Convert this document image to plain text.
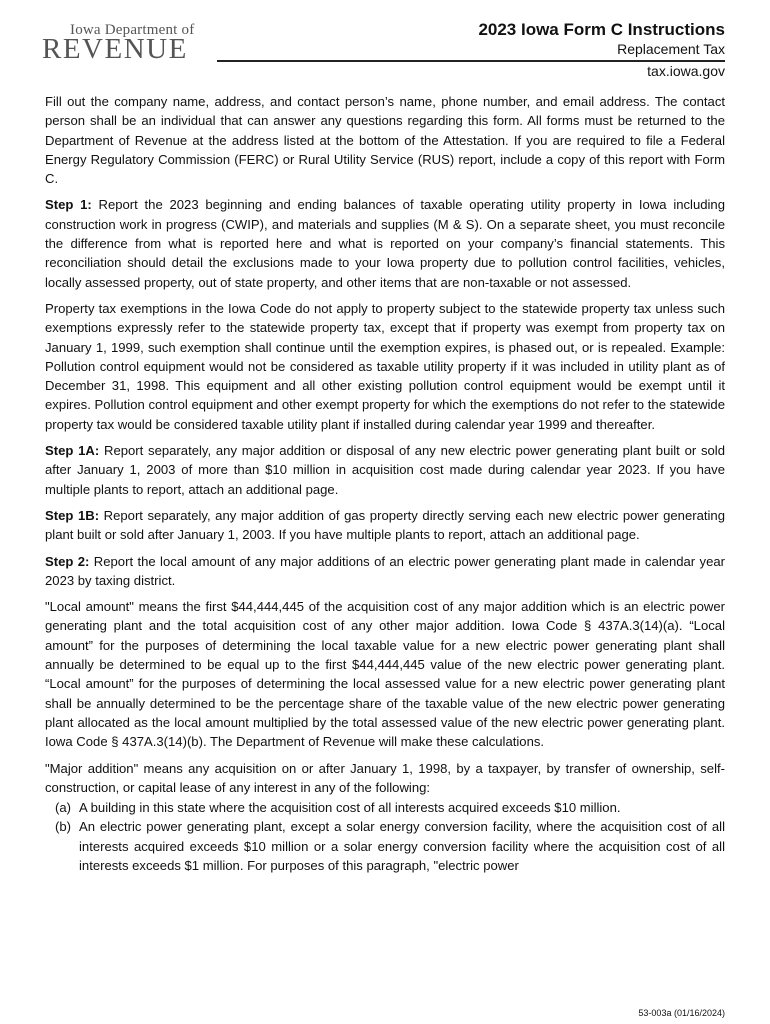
Iowa Department of
REVENUE
2023 Iowa Form C Instructions
Replacement Tax
tax.iowa.gov

Fill out the company name, address, and contact person’s name, phone number, and email address. The contact person shall be an individual that can answer any questions regarding this form. All forms must be returned to the Department of Revenue at the address listed at the bottom of the Attestation. If you are required to file a Federal Energy Regulatory Commission (FERC) or Rural Utility Service (RUS) report, include a copy of this report with Form C.

Step 1: Report the 2023 beginning and ending balances of taxable operating utility property in Iowa including construction work in progress (CWIP), and materials and supplies (M & S). On a separate sheet, you must reconcile the difference from what is reported here and what is reported on your company’s financial statements. This reconciliation should detail the exclusions made to your Iowa property due to pollution control facilities, vehicles, locally assessed property, out of state property, and other items that are non-taxable or not assessed.

Property tax exemptions in the Iowa Code do not apply to property subject to the statewide property tax unless such exemptions expressly refer to the statewide property tax, except that if property was exempt from property tax on January 1, 1999, such exemption shall continue until the exemption expires, is phased out, or is repealed. Example: Pollution control equipment would not be considered as taxable utility property if it was included in utility plant as of December 31, 1998. This equipment and all other existing pollution control equipment would be exempt until it expires. Pollution control equipment and other exempt property for which the exemptions do not refer to the statewide property tax would be considered taxable utility plant if installed during calendar year 1999 and thereafter.

Step 1A: Report separately, any major addition or disposal of any new electric power generating plant built or sold after January 1, 2003 of more than $10 million in acquisition cost made during calendar year 2023. If you have multiple plants to report, attach an additional page.

Step 1B: Report separately, any major addition of gas property directly serving each new electric power generating plant built or sold after January 1, 2003. If you have multiple plants to report, attach an additional page.

Step 2: Report the local amount of any major additions of an electric power generating plant made in calendar year 2023 by taxing district.

"Local amount" means the first $44,444,445 of the acquisition cost of any major addition which is an electric power generating plant and the total acquisition cost of any other major addition. Iowa Code § 437A.3(14)(a). “Local amount” for the purposes of determining the local taxable value for a new electric power generating plant shall annually be determined to be equal up to the first $44,444,445 value of the new electric power generating plant. “Local amount” for the purposes of determining the local assessed value for a new electric power generating plant shall be annually determined to be the percentage share of the taxable value of the new electric power generating plant allocated as the local amount multiplied by the total assessed value of the new electric power generating plant. Iowa Code § 437A.3(14)(b). The Department of Revenue will make these calculations.

"Major addition" means any acquisition on or after January 1, 1998, by a taxpayer, by transfer of ownership, self-construction, or capital lease of any interest in any of the following:

(a) A building in this state where the acquisition cost of all interests acquired exceeds $10 million.
(b) An electric power generating plant, except a solar energy conversion facility, where the acquisition cost of all interests acquired exceeds $10 million or a solar energy conversion facility where the acquisition cost of all interests exceeds $1 million. For purposes of this paragraph, "electric power
53-003a (01/16/2024)
